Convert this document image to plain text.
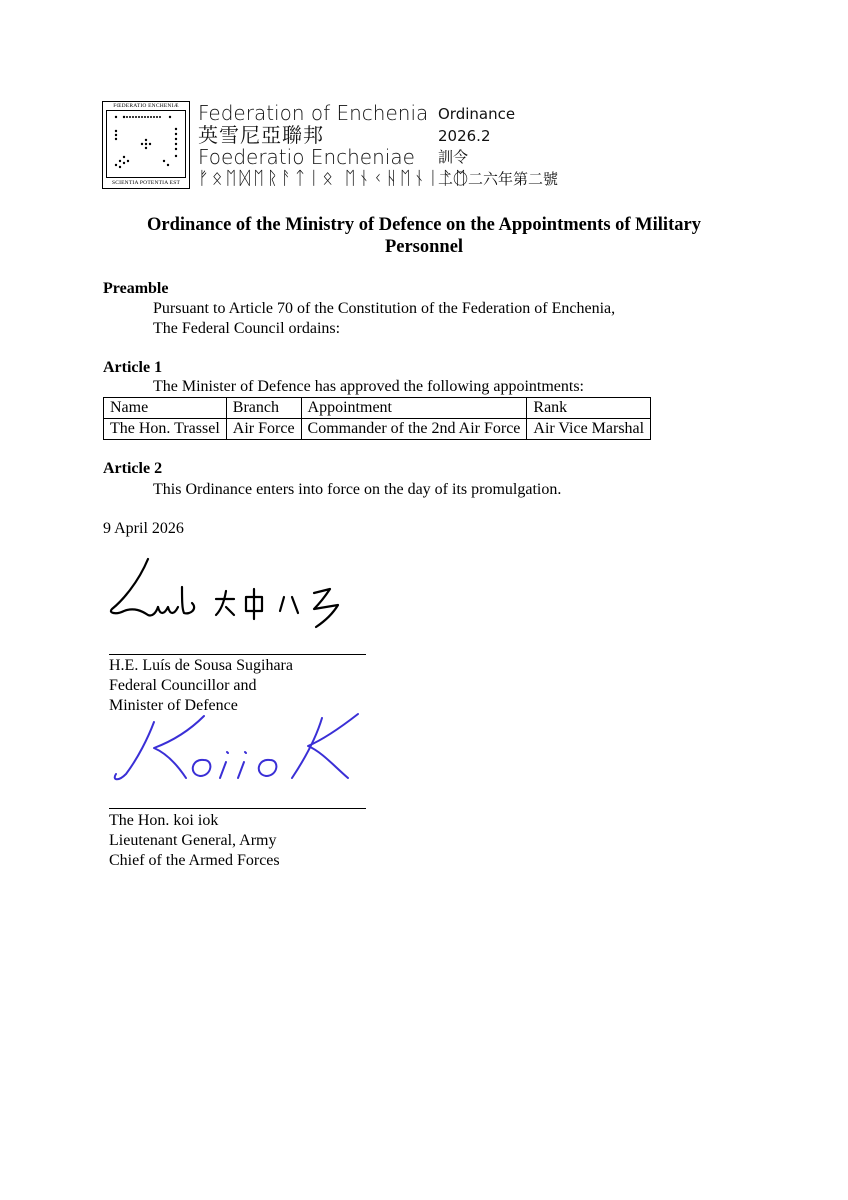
FŒDERATIO ENCHENIÆ
SCIENTIA POTENTIA EST
Federation of Enchenia
英雪尼亞聯邦
Foederatio Encheniae
ᚠᛟᛖᛞᛖᚱᚨᛏᛁᛟ ᛖᚾᚲᚺᛖᚾᛁᚨᛖ
Ordinance
2026.2
訓令
二〇二六年第二號
Ordinance of the Ministry of Defence on the Appointments of Military
Personnel
Preamble
Pursuant to Article 70 of the Constitution of the Federation of Enchenia,
The Federal Council ordains:
Article 1
The Minister of Defence has approved the following appointments:
Name	Branch	Appointment	Rank
The Hon. Trassel	Air Force	Commander of the 2nd Air Force	Air Vice Marshal
Article 2
This Ordinance enters into force on the day of its promulgation.
9 April 2026
H.E. Luís de Sousa Sugihara
Federal Councillor and
Minister of Defence
The Hon. koi iok
Lieutenant General, Army
Chief of the Armed Forces
